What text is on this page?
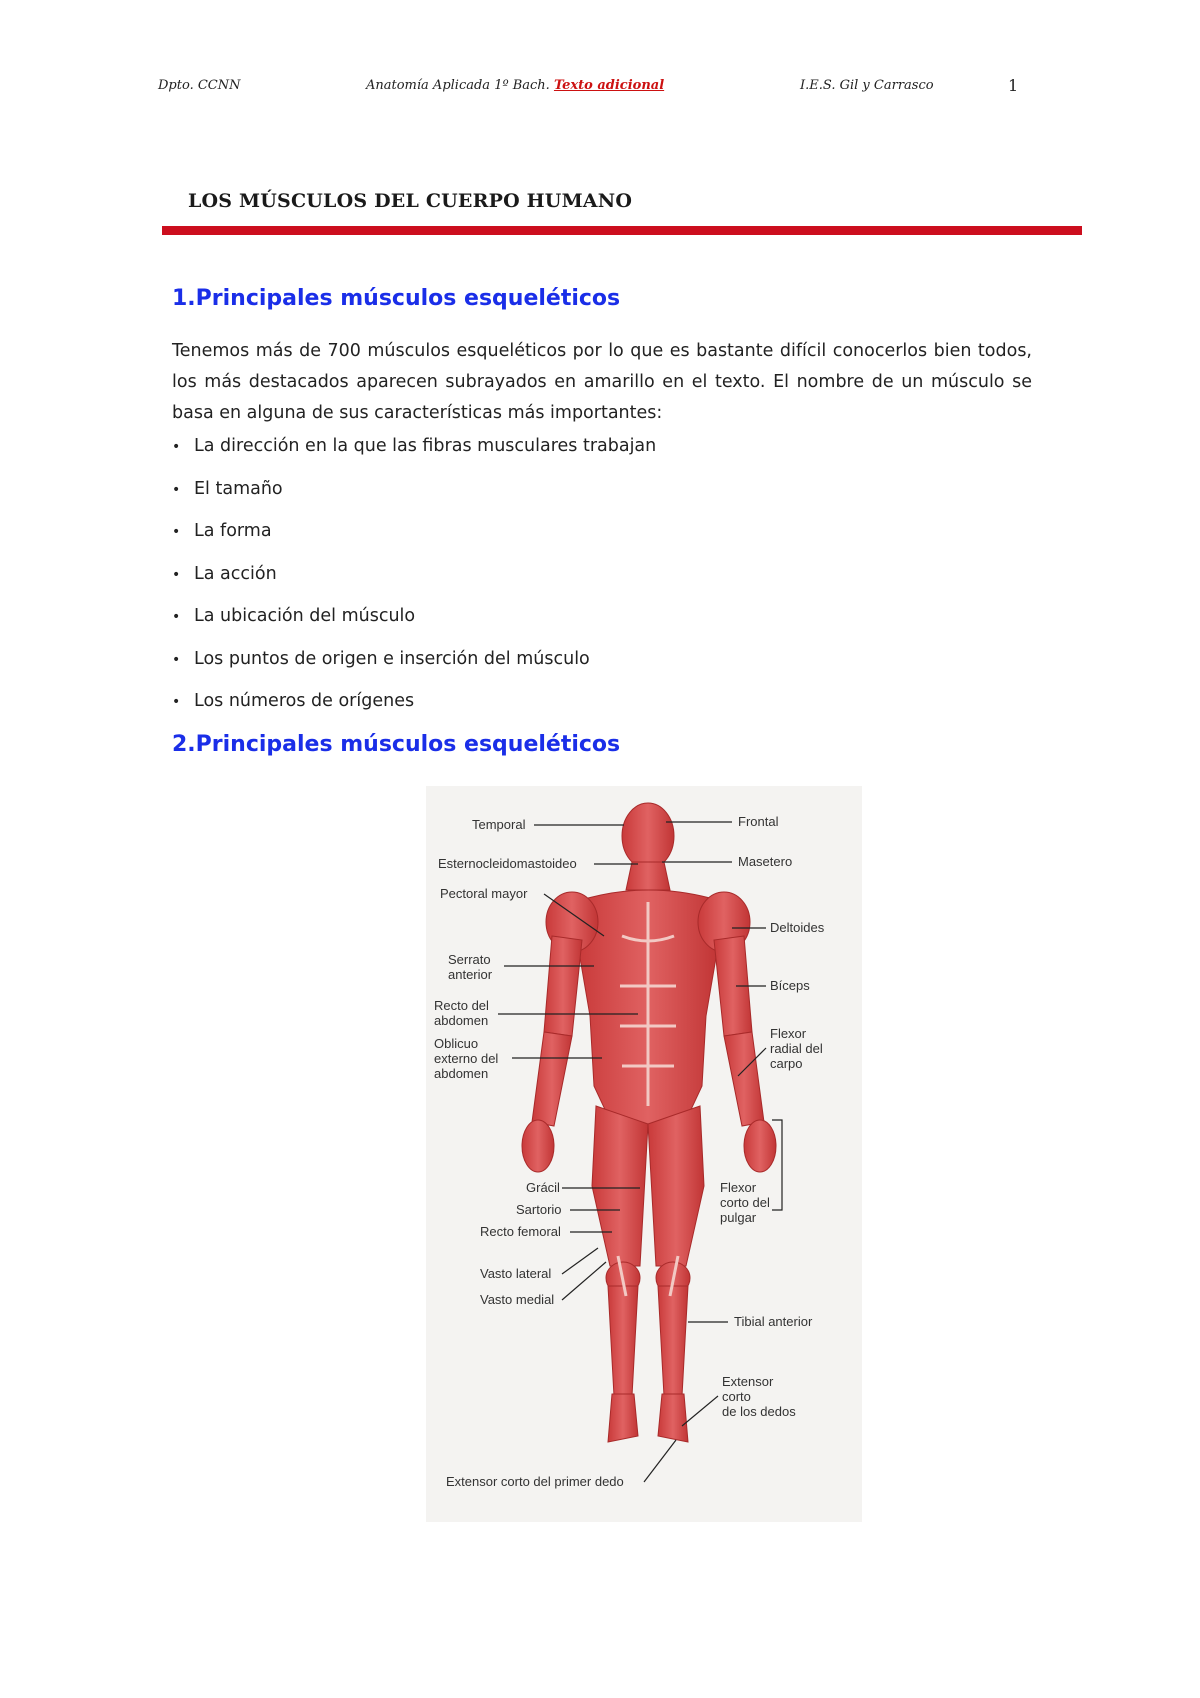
Dpto. CCNN	Anatomía Aplicada 1º Bach. Texto adicional	I.E.S. Gil y Carrasco	1
LOS MÚSCULOS DEL CUERPO HUMANO
1.Principales músculos esqueléticos

Tenemos más de 700 músculos esqueléticos por lo que es bastante difícil conocerlos bien todos, los más destacados aparecen subrayados en amarillo en el texto. El nombre de un músculo se basa en alguna de sus características más importantes:

• La dirección en la que las fibras musculares trabajan
• El tamaño
• La forma
• La acción
• La ubicación del músculo
• Los puntos de origen e inserción del músculo
• Los números de orígenes
2.Principales músculos esqueléticos
Temporal
Esternocleidomastoideo
Pectoral mayor
Serrato
anterior
Recto del
abdomen
Oblicuo
externo del
abdomen
Grácil
Sartorio
Recto femoral
Vasto lateral
Vasto medial
Extensor corto del primer dedo
Frontal
Masetero
Deltoides
Bíceps
Flexor
radial del
carpo
Flexor
corto del
pulgar
Tibial anterior
Extensor
corto
de los dedos
